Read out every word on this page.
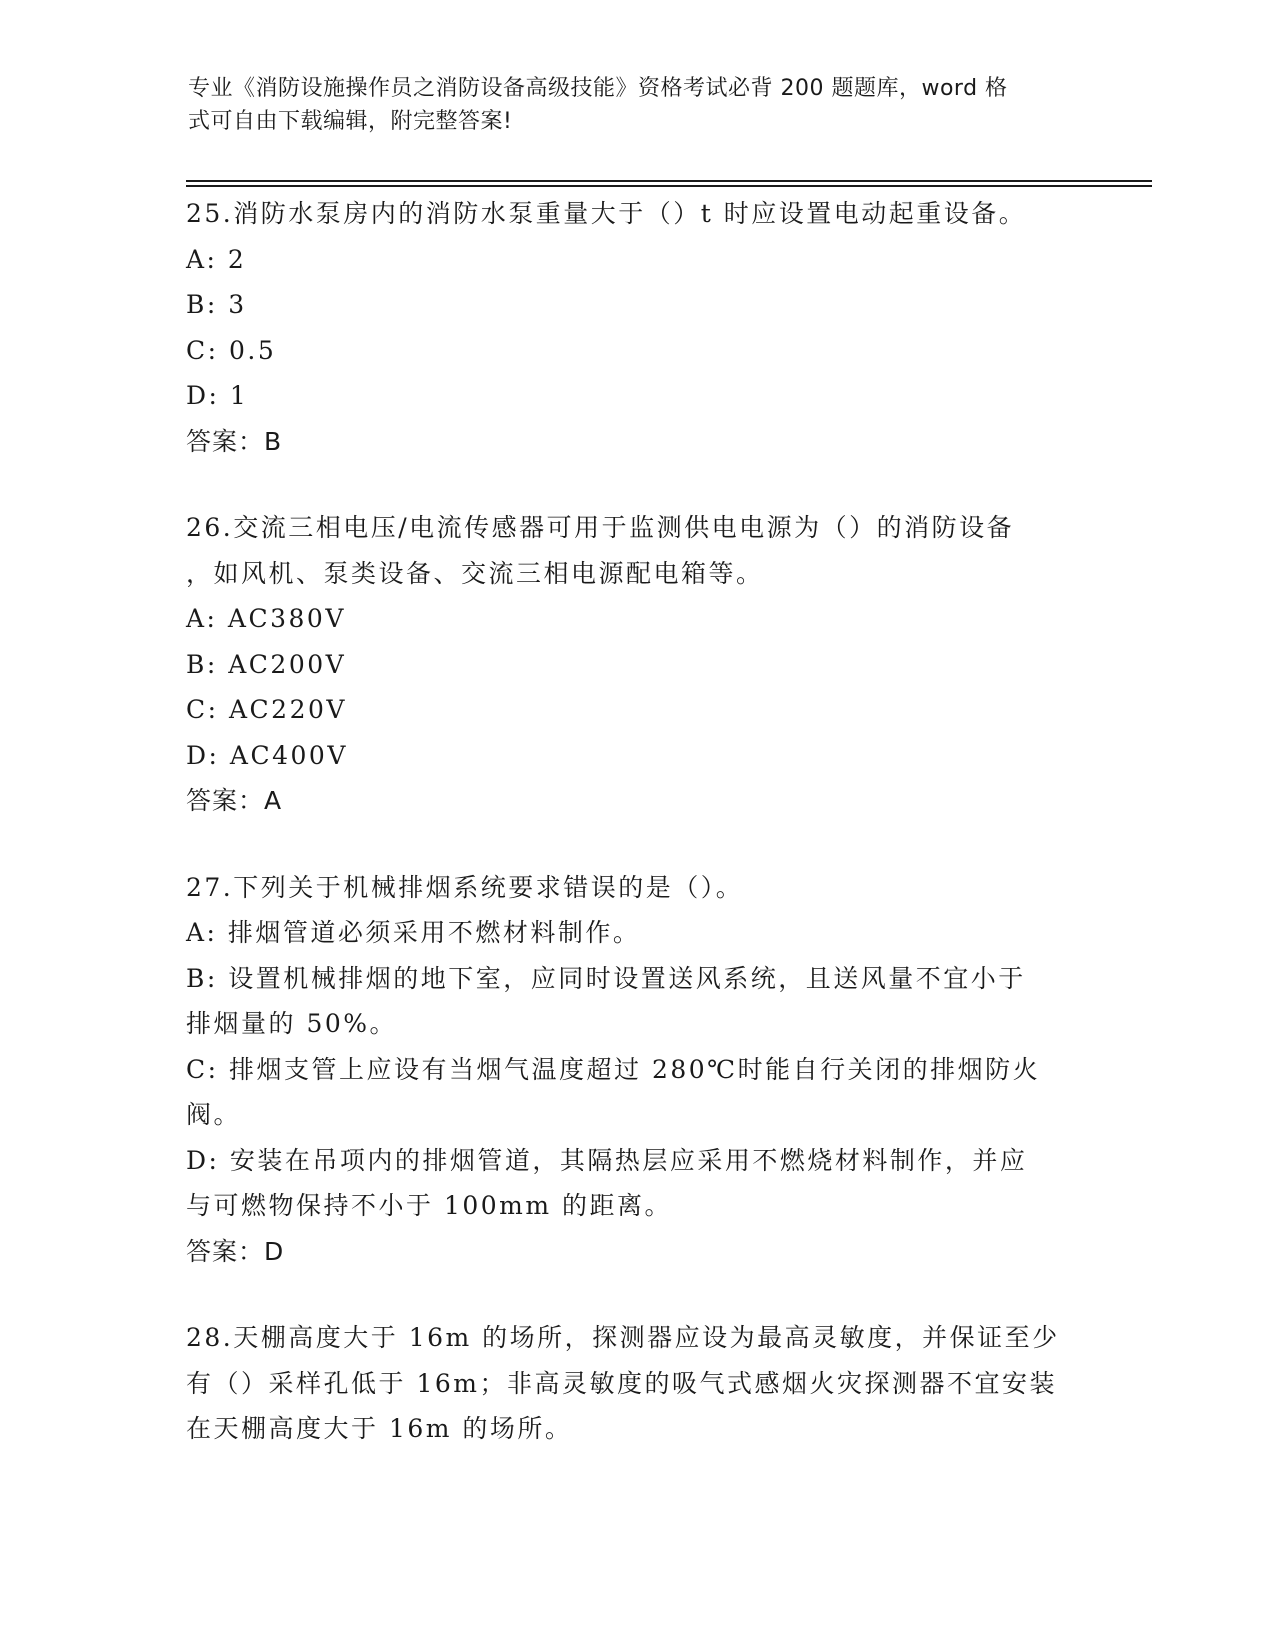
专业《消防设施操作员之消防设备高级技能》资格考试必背 200 题题库，word 格
式可自由下载编辑，附完整答案!

25.消防水泵房内的消防水泵重量大于（）t 时应设置电动起重设备。

A: 2

B: 3

C: 0.5

D: 1

答案：B

26.交流三相电压/电流传感器可用于监测供电电源为（）的消防设备

，如风机、泵类设备、交流三相电源配电箱等。

A: AC380V

B: AC200V

C: AC220V

D: AC400V

答案：A

27.下列关于机械排烟系统要求错误的是（）。

A: 排烟管道必须采用不燃材料制作。

B: 设置机械排烟的地下室，应同时设置送风系统，且送风量不宜小于

排烟量的 50%。

C: 排烟支管上应设有当烟气温度超过 280℃时能自行关闭的排烟防火

阀。

D: 安装在吊项内的排烟管道，其隔热层应采用不燃烧材料制作，并应

与可燃物保持不小于 100mm 的距离。

答案：D

28.天棚高度大于 16m 的场所，探测器应设为最高灵敏度，并保证至少

有（）采样孔低于 16m；非高灵敏度的吸气式感烟火灾探测器不宜安装

在天棚高度大于 16m 的场所。
